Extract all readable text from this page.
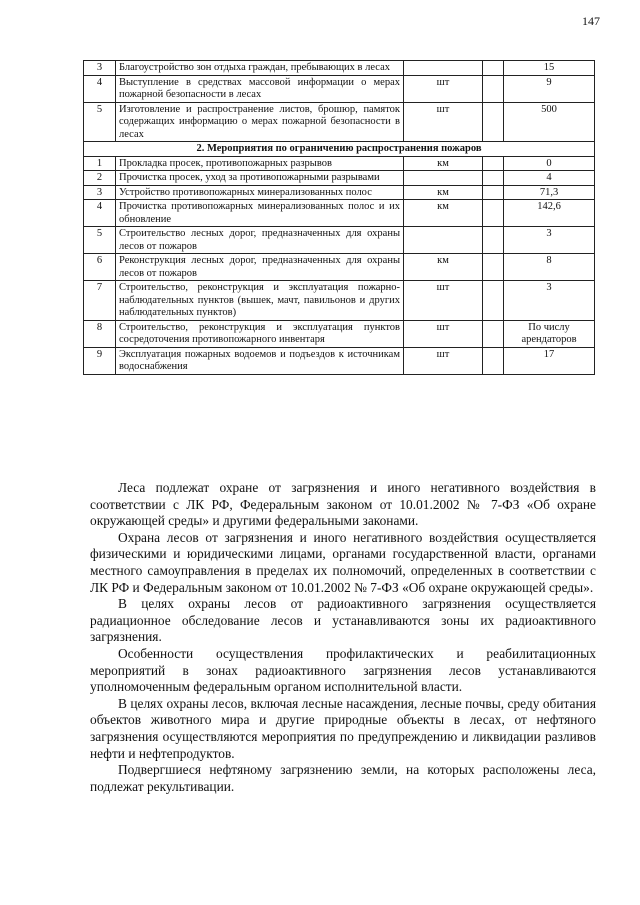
147
3	Благоустройство зон отдыха граждан, пребывающих в лесах			15
4	Выступление в средствах массовой информации о мерах пожарной безопасности в лесах	шт		9
5	Изготовление и распространение листов, брошюр, памяток содержащих информацию о мерах пожарной безопасности в лесах	шт		500
2. Мероприятия по ограничению распространения пожаров				
1	Прокладка просек, противопожарных разрывов	км		0
2	Прочистка просек, уход за противопожарными разрывами			4
3	Устройство противопожарных минерализованных полос	км		71,3
4	Прочистка противопожарных минерализованных полос и их обновление	км		142,6
5	Строительство лесных дорог, предназначенных для охраны лесов от пожаров			3
6	Реконструкция лесных дорог, предназначенных для охраны лесов от пожаров	км		8
7	Строительство, реконструкция и эксплуатация пожарно-наблюдательных пунктов (вышек, мачт, павильонов и других наблюдательных пунктов)	шт		3
8	Строительство, реконструкция и эксплуатация пунктов сосредоточения противопожарного инвентаря	шт		По числу арендаторов
9	Эксплуатация пожарных водоемов и подъездов к источникам водоснабжения	шт		17

Леса подлежат охране от загрязнения и иного негативного воздействия в соответствии с ЛК РФ, Федеральным законом от 10.01.2002 № 7-ФЗ «Об охране окружающей среды» и другими федеральными законами.

Охрана лесов от загрязнения и иного негативного воздействия осуществляется физическими и юридическими лицами, органами государственной власти, органами местного самоуправления в пределах их полномочий, определенных в соответствии с ЛК РФ и Федеральным законом от 10.01.2002 № 7-ФЗ «Об охране окружающей среды».

В целях охраны лесов от радиоактивного загрязнения осуществляется радиационное обследование лесов и устанавливаются зоны их радиоактивного загрязнения.

Особенности осуществления профилактических и реабилитационных мероприятий в зонах радиоактивного загрязнения лесов устанавливаются уполномоченным федеральным органом исполнительной власти.

В целях охраны лесов, включая лесные насаждения, лесные почвы, среду обитания объектов животного мира и другие природные объекты в лесах, от нефтяного загрязнения осуществляются мероприятия по предупреждению и ликвидации разливов нефти и нефтепродуктов.

Подвергшиеся нефтяному загрязнению земли, на которых расположены леса, подлежат рекультивации.
